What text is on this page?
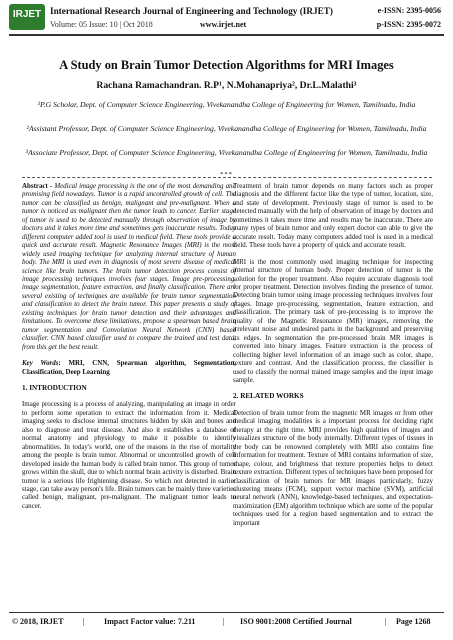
IRJET International Research Journal of Engineering and Technology (IRJET)
Volume: 05 Issue: 10 | Oct 2018	www.irjet.net
e-ISSN: 2395-0056
p-ISSN: 2395-0072
A Study on Brain Tumor Detection Algorithms for MRI Images
Rachana Ramachandran. R.P¹, N.Mohanapriya², Dr.L.Malathi³
¹P.G Scholar, Dept. of Computer Science Engineering, Vivekanandha College of Engineering for Women, Tamilnadu, India
²Assistant Professor, Dept. of Computer Science Engineering, Vivekanandha College of Engineering for Women, Tamilnadu, India
³Associate Professor, Dept. of Computer Science Engineering, Vivekanandha College of Engineering for Women, Tamilnadu, India
***

Abstract - Medical image processing is the one of the most demanding and promising field nowadays. Tumor is a rapid uncontrolled growth of cell. The tumor can be classified as benign, malignant and pre-malignant. When a tumor is noticed as malignant then the tumor leads to cancer. Earlier stage of tumor is used to be detected manually through observation of image by doctors and it takes more time and sometimes gets inaccurate results. Today different computer added tool is used in medical field. These tools provide a quick and accurate result. Magnetic Resonance Images (MRI) is the most widely used imaging technique for analyzing internal structure of human body. The MRI is used even in diagnosis of most severe disease of medical science like brain tumors. The brain tumor detection process consist of image processing techniques involves four stages. Image pre-processing, image segmentation, feature extraction, and finally classification. There are several existing of techniques are available for brain tumor segmentation and classification to detect the brain tumor. This paper presents a study of existing techniques for brain tumor detection and their advantages and limitations. To overcome these limitations, propose a spearman based brain tumor segmentation and Convolution Neural Network (CNN) based classifier. CNN based classifier used to compare the trained and test data, from this get the best result.

Key Words: MRI, CNN, Spearman algorithm, Segmentation, Classification, Deep Learning

1. INTRODUCTION

Image processing is a process of analyzing, manipulating an image in order to perform some operation to extract the information from it. Medical imaging seeks to disclose internal structures hidden by skin and bones and also to diagnose and treat disease. And also it establishes a database of normal anatomy and physiology to make it possible to identify abnormalities. In today's world, one of the reasons in the rise of mortality among the people is brain tumor. Abnormal or uncontrolled growth of cell developed inside the human body is called brain tumor. This group of tumor grows within the skull, due to which normal brain activity is disturbed. Brain tumor is a serious life frightening disease. So which not detected in earlier stage, can take away person's life. Brain tumors can be mainly three varieties called benign, malignant, pre-malignant. The malignant tumor leads to cancer.

Treatment of brain tumor depends on many factors such as proper diagnosis and the different factor like the type of tumor, location, size, and state of development. Previously stage of tumor is used to be detected manually with the help of observation of image by doctors and sometimes it takes more time and results may be inaccurate. There are many types of brain tumor and only expert doctor can able to give the accurate result. Today many computers added tool is used in a medical field. These tools have a property of quick and accurate result.

MRI is the most commonly used imaging technique for inspecting internal structure of human body. Proper detection of tumor is the solution for the proper treatment. Also require accurate diagnosis tool for proper treatment. Detection involves finding the presence of tumor. Detecting brain tumor using image processing techniques involves four stages. Image pre-processing, segmentation, feature extraction, and classification. The primary task of pre-processing is to improve the quality of the Magnetic Resonance (MR) images, removing the irrelevant noise and undesired parts in the background and preserving its edges. In segmentation the pre-processed brain MR images is converted into binary images. Feature extraction is the process of collecting higher level information of an image such as color, shape, texture and contrast. And the classification process, the classifier is used to classify the normal trained image samples and the input image sample.

2. RELATED WORKS

Detection of brain tumor from the magnetic MR images or from other medical imaging modalities is a important process for deciding right therapy at the right time. MRI provides high qualities of images and visualizes structure of the body internally. Different types of tissues in the body can be renowned completely with MRI also contains fine information for treatment. Texture of MRI contains information of size, shape, colour, and brightness that texture properties helps to detect texture extraction. Different types of techniques have been proposed for classification of brain tumors for MR images particularly, fuzzy clustering means (FCM), support vector machine (SVM), artificial neural network (ANN), knowledge-based techniques, and expectation-maximization (EM) algorithm technique which are some of the popular techniques used for a region based segmentation and to extract the important

© 2018, IRJET | Impact Factor value: 7.211	| ISO 9001:2008 Certified Journal	| Page 1268
